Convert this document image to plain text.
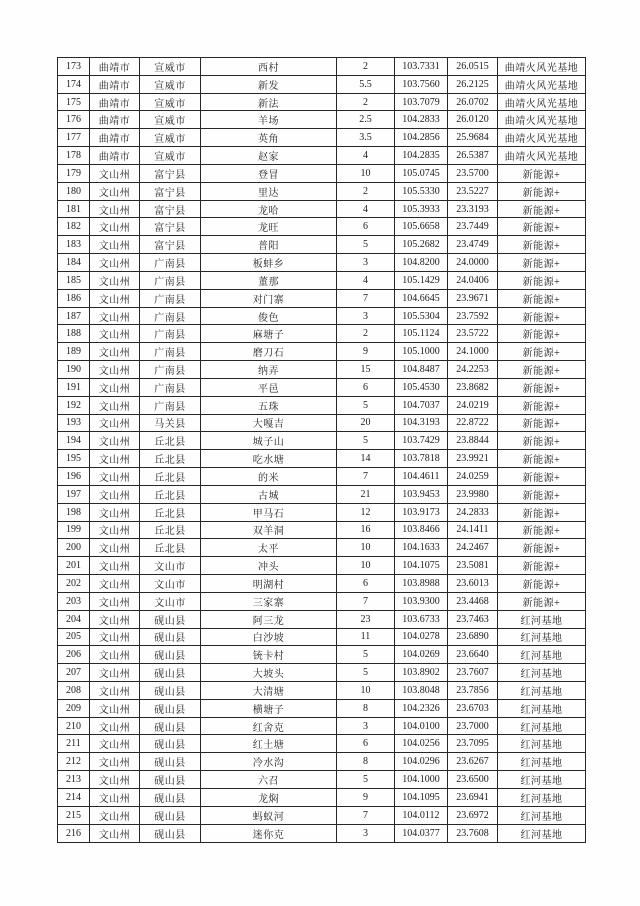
173	曲靖市	宣威市	西村	2	103.7331	26.0515	曲靖火风光基地
174	曲靖市	宣威市	新发	5.5	103.7560	26.2125	曲靖火风光基地
175	曲靖市	宣威市	新法	2	103.7079	26.0702	曲靖火风光基地
176	曲靖市	宣威市	羊场	2.5	104.2833	26.0120	曲靖火风光基地
177	曲靖市	宣威市	英角	3.5	104.2856	25.9684	曲靖火风光基地
178	曲靖市	宣威市	赵家	4	104.2835	26.5387	曲靖火风光基地
179	文山州	富宁县	登冒	10	105.0745	23.5700	新能源+
180	文山州	富宁县	里达	2	105.5330	23.5227	新能源+
181	文山州	富宁县	龙哈	4	105.3933	23.3193	新能源+
182	文山州	富宁县	龙旺	6	105.6658	23.7449	新能源+
183	文山州	富宁县	普阳	5	105.2682	23.4749	新能源+
184	文山州	广南县	板蚌乡	3	104.8200	24.0000	新能源+
185	文山州	广南县	董那	4	105.1429	24.0406	新能源+
186	文山州	广南县	对门寨	7	104.6645	23.9671	新能源+
187	文山州	广南县	俊色	3	105.5304	23.7592	新能源+
188	文山州	广南县	麻塘子	2	105.1124	23.5722	新能源+
189	文山州	广南县	磨刀石	9	105.1000	24.1000	新能源+
190	文山州	广南县	纳弄	15	104.8487	24.2253	新能源+
191	文山州	广南县	平邑	6	105.4530	23.8682	新能源+
192	文山州	广南县	五珠	5	104.7037	24.0219	新能源+
193	文山州	马关县	大嘎吉	20	104.3193	22.8722	新能源+
194	文山州	丘北县	城子山	5	103.7429	23.8844	新能源+
195	文山州	丘北县	吃水塘	14	103.7818	23.9921	新能源+
196	文山州	丘北县	的米	7	104.4611	24.0259	新能源+
197	文山州	丘北县	古城	21	103.9453	23.9980	新能源+
198	文山州	丘北县	甲马石	12	103.9173	24.2833	新能源+
199	文山州	丘北县	双羊洞	16	103.8466	24.1411	新能源+
200	文山州	丘北县	太平	10	104.1633	24.2467	新能源+
201	文山州	文山市	冲头	10	104.1075	23.5081	新能源+
202	文山州	文山市	明湖村	6	103.8988	23.6013	新能源+
203	文山州	文山市	三家寨	7	103.9300	23.4468	新能源+
204	文山州	砚山县	阿三龙	23	103.6733	23.7463	红河基地
205	文山州	砚山县	白沙坡	11	104.0278	23.6890	红河基地
206	文山州	砚山县	铳卡村	5	104.0269	23.6640	红河基地
207	文山州	砚山县	大坡头	5	103.8902	23.7607	红河基地
208	文山州	砚山县	大清塘	10	103.8048	23.7856	红河基地
209	文山州	砚山县	横塘子	8	104.2326	23.6703	红河基地
210	文山州	砚山县	红舍克	3	104.0100	23.7000	红河基地
211	文山州	砚山县	红土塘	6	104.0256	23.7095	红河基地
212	文山州	砚山县	冷水沟	8	104.0296	23.6267	红河基地
213	文山州	砚山县	六召	5	104.1000	23.6500	红河基地
214	文山州	砚山县	龙焖	9	104.1095	23.6941	红河基地
215	文山州	砚山县	蚂蚁河	7	104.0112	23.6972	红河基地
216	文山州	砚山县	迷你克	3	104.0377	23.7608	红河基地
